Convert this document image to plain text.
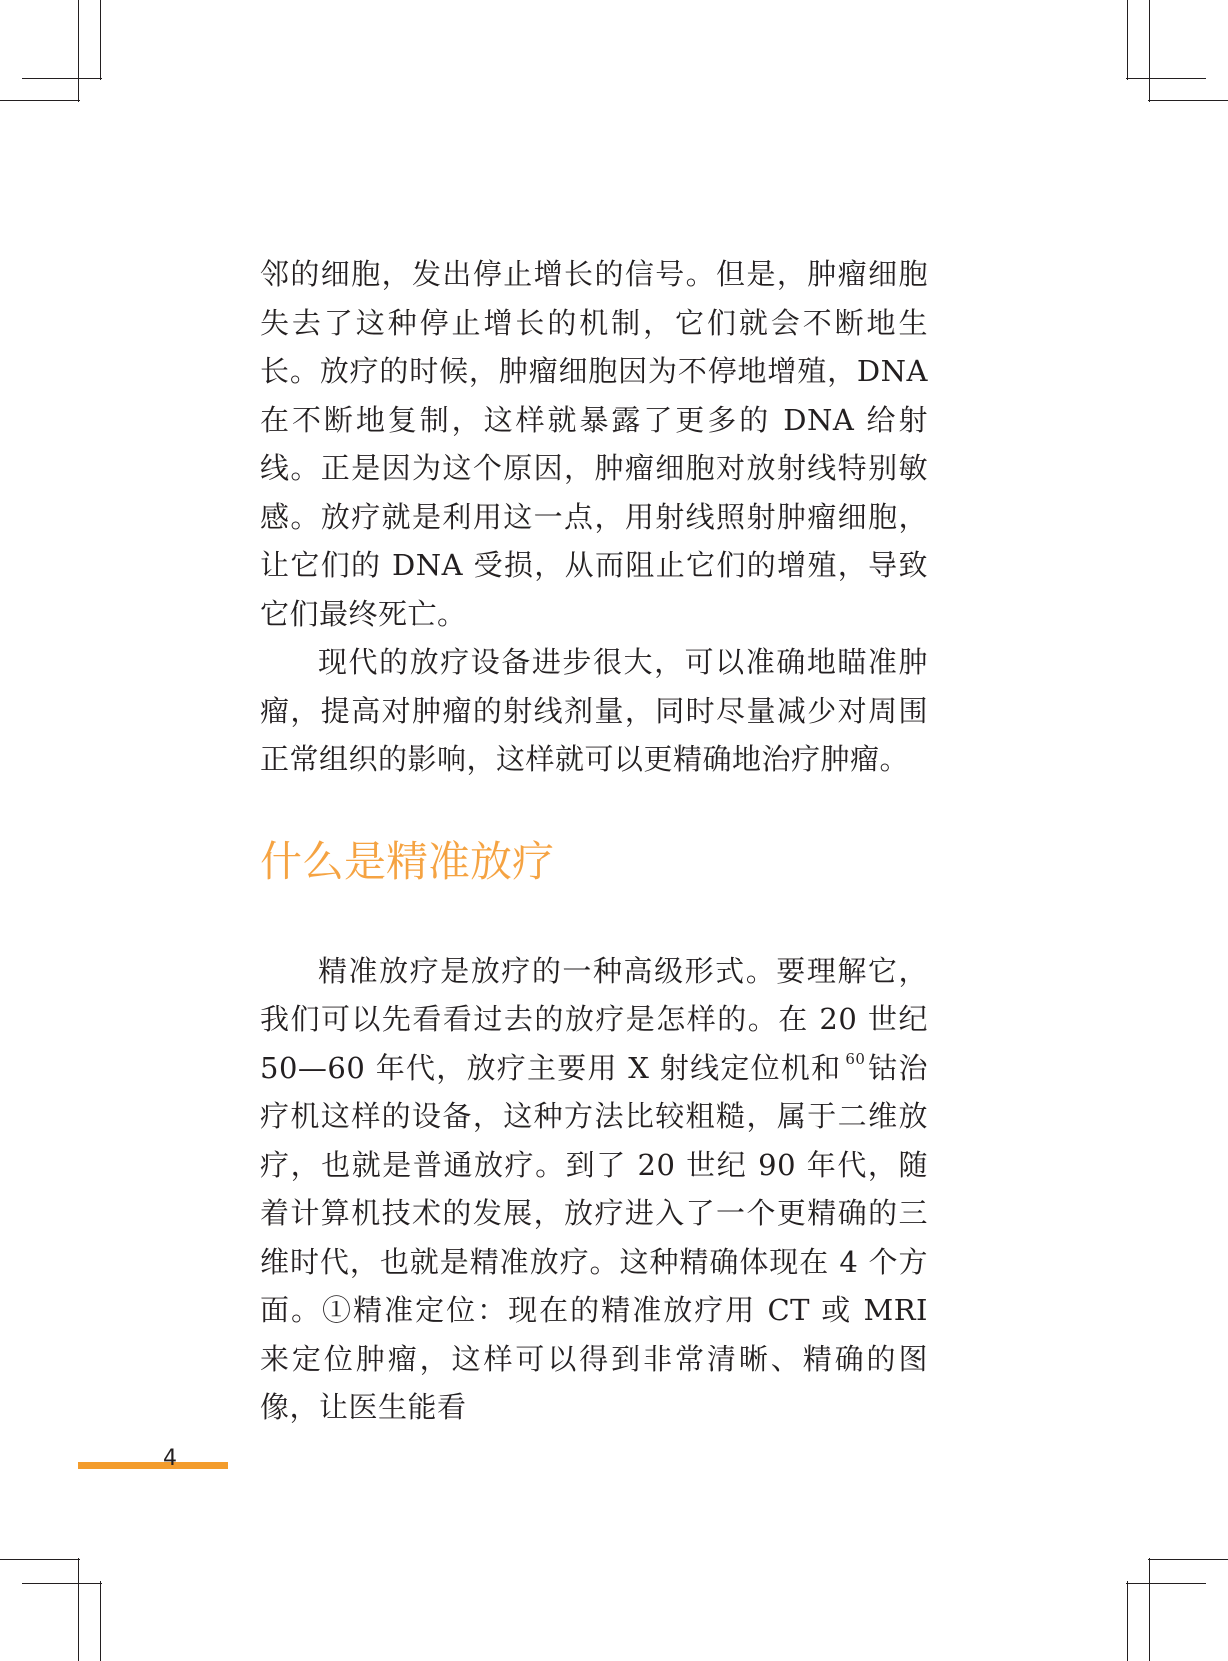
邻的细胞，发出停止增长的信号。但是，肿瘤细胞失去了这种停止增长的机制，它们就会不断地生长。放疗的时候，肿瘤细胞因为不停地增殖，DNA 在不断地复制，这样就暴露了更多的 DNA 给射线。正是因为这个原因，肿瘤细胞对放射线特别敏感。放疗就是利用这一点，用射线照射肿瘤细胞，让它们的 DNA 受损，从而阻止它们的增殖，导致它们最终死亡。

现代的放疗设备进步很大，可以准确地瞄准肿瘤，提高对肿瘤的射线剂量，同时尽量减少对周围正常组织的影响，这样就可以更精确地治疗肿瘤。

什么是精准放疗

精准放疗是放疗的一种高级形式。要理解它，我们可以先看看过去的放疗是怎样的。在 20 世纪 50—60 年代，放疗主要用 X 射线定位机和 $^{60}$钴治疗机这样的设备，这种方法比较粗糙，属于二维放疗，也就是普通放疗。到了 20 世纪 90 年代，随着计算机技术的发展，放疗进入了一个更精确的三维时代，也就是精准放疗。这种精确体现在 4 个方面。①精准定位：现在的精准放疗用 CT 或 MRI 来定位肿瘤，这样可以得到非常清晰、精确的图像，让医生能看

4
